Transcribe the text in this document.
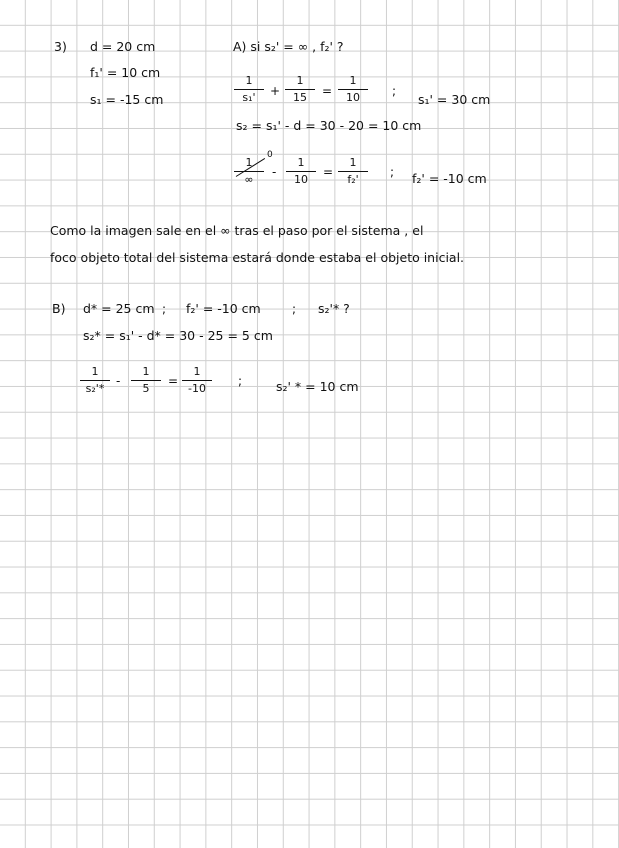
3) d = 20 cm
f₁' = 10 cm
s₁ = -15 cm
A) si s₂' = ∞ , f₂' ?
1
s₁'	+
1
15	=
1
10	;
s₁' = 30 cm
s₂ = s₁' - d = 30 - 20 = 10 cm
1
∞
0
-
1
10
=
1
f₂'
; f₂' = -10 cm
Como la imagen sale en el ∞ tras el paso por el sistema , el
foco objeto total del sistema estará donde estaba el objeto inicial.
B) d* = 25 cm ; f₂' = -10 cm	; s₂'* ?
s₂* = s₁' - d* = 30 - 25 = 5 cm
1
s₂'*
-
1
5
=
1
-10
;	s₂' * = 10 cm
